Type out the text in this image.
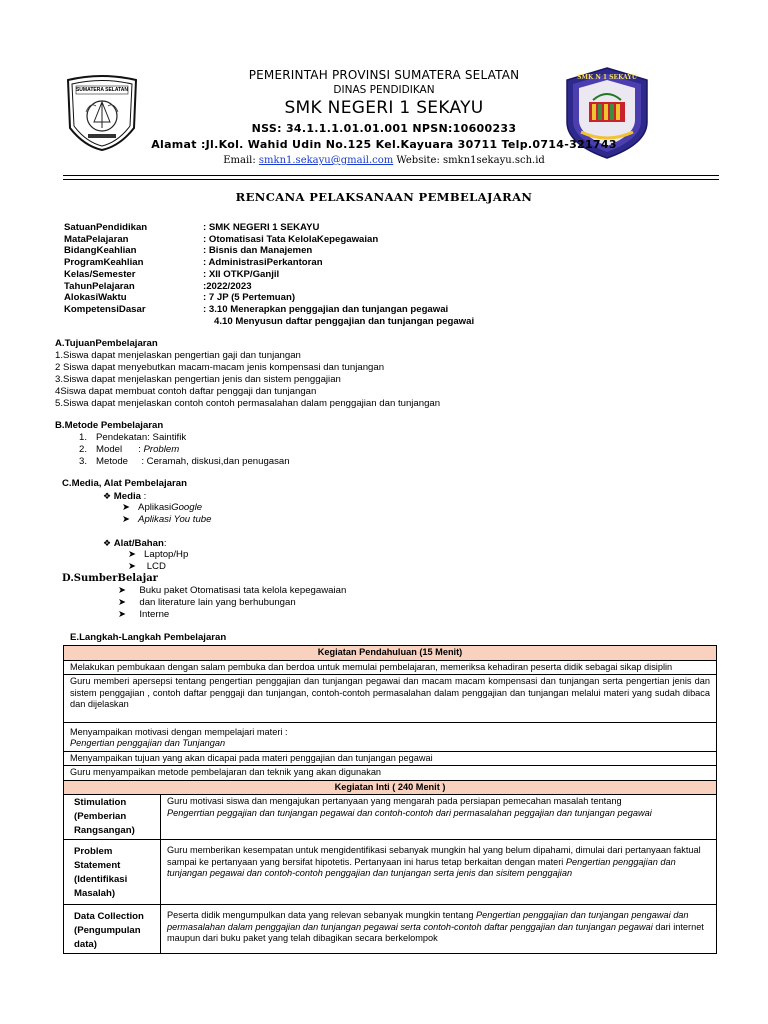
SUMATERA SELATAN
SMK N 1 SEKAYU
PEMERINTAH PROVINSI SUMATERA SELATAN
DINAS PENDIDIKAN
SMK NEGERI 1 SEKAYU
NSS: 34.1.1.1.01.01.001 NPSN:10600233
Alamat :Jl.Kol. Wahid Udin No.125 Kel.Kayuara 30711 Telp.0714-321743
Email: smkn1.sekayu@gmail.com Website: smkn1sekayu.sch.id
RENCANA PELAKSANAAN PEMBELAJARAN
SatuanPendidikan	: SMK NEGERI 1 SEKAYU
MataPelajaran	: Otomatisasi Tata KelolaKepegawaian
BidangKeahlian	: Bisnis dan Manajemen
ProgramKeahlian	: AdministrasiPerkantoran
Kelas/Semester	: XII OTKP/Ganjil
TahunPelajaran	:2022/2023
AlokasiWaktu	: 7 JP (5 Pertemuan)
KompetensiDasar	: 3.10 Menerapkan penggajian dan tunjangan pegawai
4.10 Menyusun daftar penggajian dan tunjangan pegawai
A.TujuanPembelajaran
1.Siswa dapat menjelaskan pengertian gaji dan tunjangan
2 Siswa dapat menyebutkan macam-macam jenis kompensasi dan tunjangan
3.Siswa dapat menjelaskan pengertian jenis dan sistem penggajian
4Siswa dapat membuat contoh daftar penggaji dan tunjangan
5.Siswa dapat menjelaskan contoh contoh permasalahan dalam penggajian dan tunjangan
B.Metode Pembelajaran
1. Pendekatan: Saintifik
2. Model      : Problem
3. Metode     : Ceramah, diskusi,dan penugasan
C.Media, Alat Pembelajaran
❖ Media :
➤ AplikasiGoogle
➤ Aplikasi You tube
❖ Alat/Bahan:
➤ Laptop/Hp
➤ LCD
D.SumberBelajar
➤ Buku paket Otomatisasi tata kelola kepegawaian
➤ dan literature lain yang berhubungan
➤ Interne
E.Langkah-Langkah Pembelajaran
Kegiatan Pendahuluan (15 Menit)	
Melakukan pembukaan dengan salam pembuka dan berdoa untuk memulai pembelajaran, memeriksa kehadiran peserta didik sebagai sikap disiplin	
Guru memberi apersepsi tentang pengertian penggajian dan tunjangan pegawai dan macam macam kompensasi dan tunjangan serta pengertian jenis dan sistem penggajian , contoh daftar penggaji dan tunjangan, contoh-contoh permasalahan dalam penggajian dan tunjangan melalui materi yang sudah dibaca dan dijelaskan	

Menyampaikan motivasi dengan mempelajari materi :
Pengertian penggajian dan Tunjangan	

Menyampaikan tujuan yang akan dicapai pada materi penggajian dan tunjangan pegawai	
Guru menyampaikan metode pembelajaran dan teknik yang akan digunakan	
Kegiatan Inti ( 240 Menit )	
Stimulation (Pemberian Rangsangan)	Guru motivasi siswa dan mengajukan pertanyaan yang mengarah pada persiapan pemecahan masalah tentang
Pengerrtian peggajian dan tunjangan pegawai dan contoh-contoh dari permasalahan peggajian dan tunjangan pegawai

Problem Statement (Identifikasi Masalah)	Guru memberikan kesempatan untuk mengidentifikasi sebanyak mungkin hal yang belum dipahami, dimulai dari pertanyaan faktual sampai ke pertanyaan yang bersifat hipotetis. Pertanyaan ini harus tetap berkaitan dengan materi Pengertian penggajian dan tunjangan pegawai dan contoh-contoh penggajian dan tunjangan serta jenis dan sisitem penggajian
Data Collection (Pengumpulan data)	Peserta didik mengumpulkan data yang relevan sebanyak mungkin tentang Pengertian penggajian dan tunjangan pengawai dan permasalahan dalam penggajian dan tunjangan pegawai serta contoh-contoh daftar penggajian dan tunjangan pegawai dari internet maupun dari buku paket yang telah dibagikan secara berkelompok
